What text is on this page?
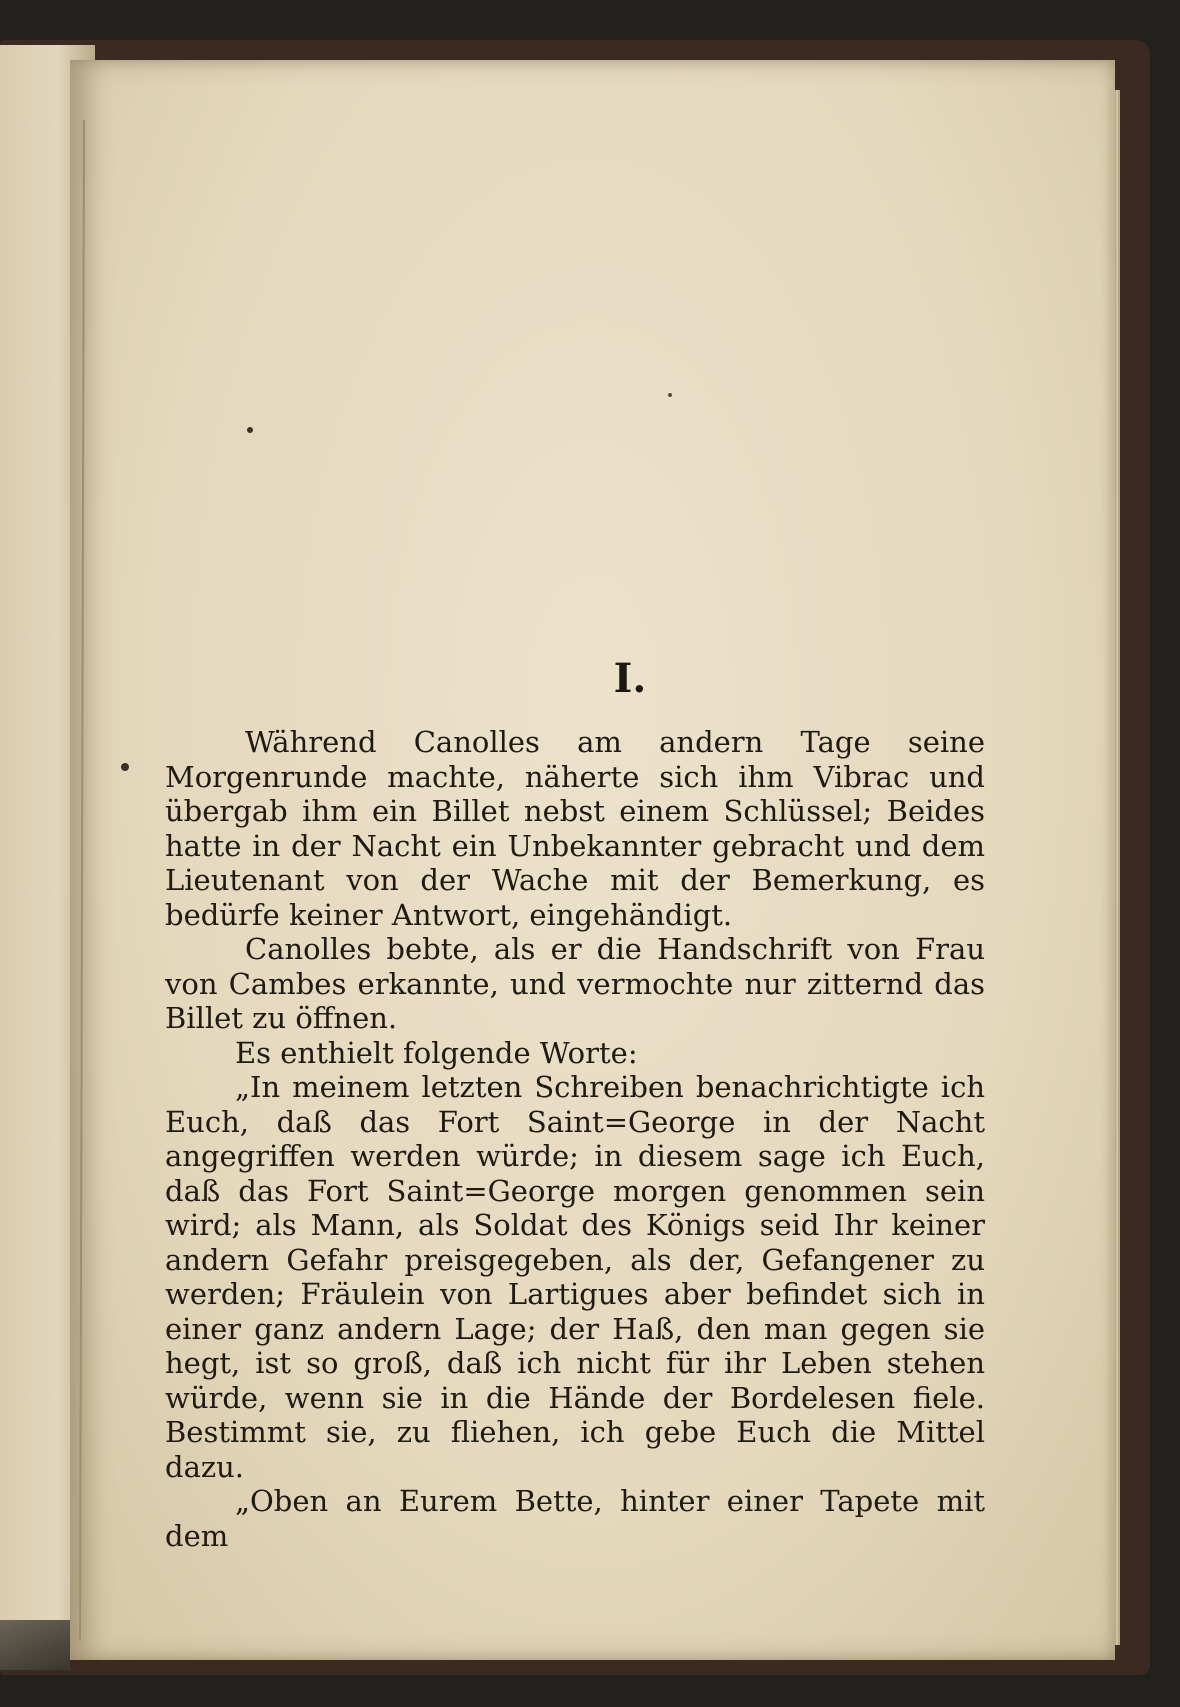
I.

Während Canolles am andern Tage seine Morgenrunde machte, näherte sich ihm Vibrac und übergab ihm ein Billet nebst einem Schlüssel; Beides hatte in der Nacht ein Unbekannter gebracht und dem Lieutenant von der Wache mit der Bemerkung, es bedürfe keiner Antwort, eingehändigt.

Canolles bebte, als er die Handschrift von Frau von Cambes erkannte, und vermochte nur zitternd das Billet zu öffnen.

Es enthielt folgende Worte:

„In meinem letzten Schreiben benachrichtigte ich Euch, daß das Fort Saint=George in der Nacht angegriffen werden würde; in diesem sage ich Euch, daß das Fort Saint=George morgen genommen sein wird; als Mann, als Soldat des Königs seid Ihr keiner andern Gefahr preisgegeben, als der, Gefangener zu werden; Fräulein von Lartigues aber befindet sich in einer ganz andern Lage; der Haß, den man gegen sie hegt, ist so groß, daß ich nicht für ihr Leben stehen würde, wenn sie in die Hände der Bordelesen fiele. Bestimmt sie, zu fliehen, ich gebe Euch die Mittel dazu.

„Oben an Eurem Bette, hinter einer Tapete mit dem
